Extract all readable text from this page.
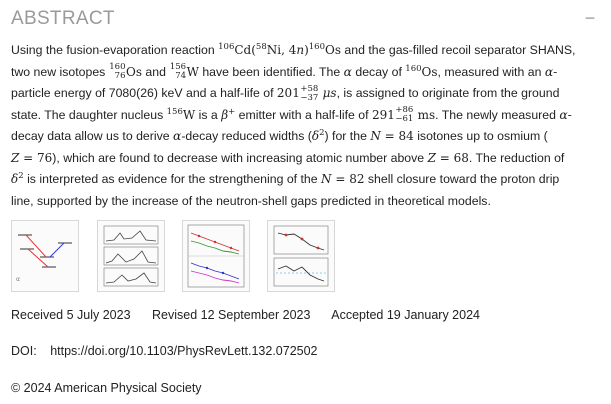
ABSTRACT	−
Using the fusion-evaporation reaction $^{106}$Cd($^{58}$Ni, 4n)$^{160}$Os and the gas-filled recoil separator SHANS,
two new isotopes 160
76 Os and 156
74 W have been identified. The α decay of $^{160}$Os, measured with an α-
particle energy of 7080(26) keV and a half-life of 201 +58
−37 μs, is assigned to originate from the ground
state. The daughter nucleus $^{156}$W is a β+ emitter with a half-life of 291 +86
−61 ms. The newly measured α-
decay data allow us to derive α-decay reduced widths $(\delta^2)$ for the N = 84 isotones up to osmium (
Z = 76), which are found to decrease with increasing atomic number above Z = 68. The reduction of
$\delta^2$ is interpreted as evidence for the strengthening of the N = 82 shell closure toward the proton drip
line, supported by the increase of the neutron-shell gaps predicted in theoretical models.
α
Received 5 July 2023 Revised 12 September 2023 Accepted 19 January 2024
DOI: https://doi.org/10.1103/PhysRevLett.132.072502
© 2024 American Physical Society
